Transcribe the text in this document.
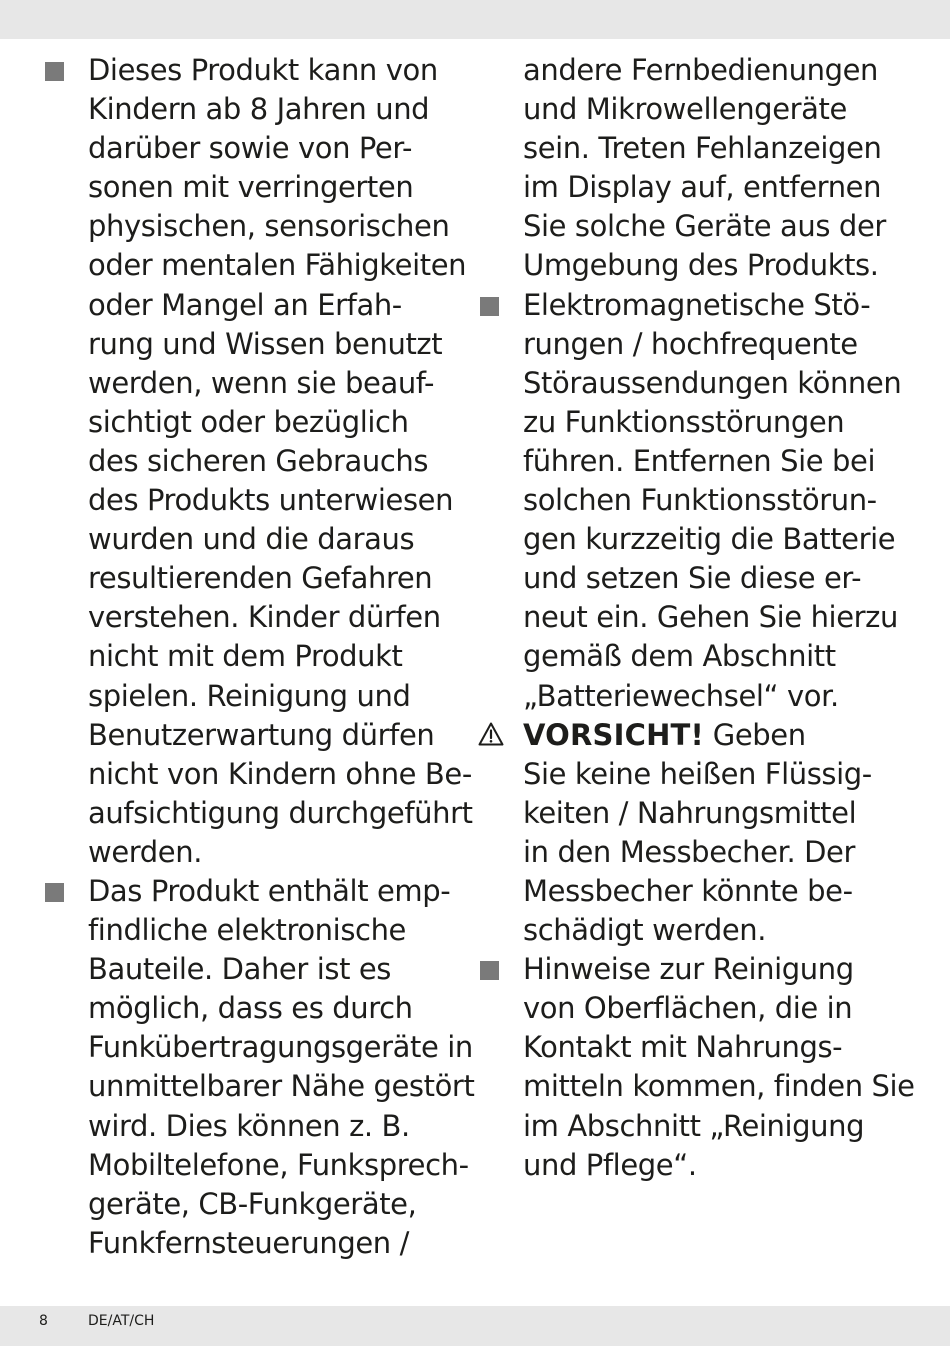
Dieses Produkt kann von
Kindern ab 8 Jahren und
darüber sowie von Per-
sonen mit verringerten
physischen, sensorischen
oder mentalen Fähigkeiten
oder Mangel an Erfah-
rung und Wissen benutzt
werden, wenn sie beauf-
sichtigt oder bezüglich
des sicheren Gebrauchs
des Produkts unterwiesen
wurden und die daraus
resultierenden Gefahren
verstehen. Kinder dürfen
nicht mit dem Produkt
spielen. Reinigung und
Benutzerwartung dürfen
nicht von Kindern ohne Be-
aufsichtigung durchgeführt
werden.
Das Produkt enthält emp-
findliche elektronische
Bauteile. Daher ist es
möglich, dass es durch
Funkübertragungsgeräte in
unmittelbarer Nähe gestört
wird. Dies können z. B.
Mobiltelefone, Funksprech-
geräte, CB-Funkgeräte,
Funkfernsteuerungen /
andere Fernbedienungen
und Mikrowellengeräte
sein. Treten Fehlanzeigen
im Display auf, entfernen
Sie solche Geräte aus der
Umgebung des Produkts.
Elektromagnetische Stö-
rungen / hochfrequente
Störaussendungen können
zu Funktionsstörungen
führen. Entfernen Sie bei
solchen Funktionsstörun-
gen kurzzeitig die Batterie
und setzen Sie diese er-
neut ein. Gehen Sie hierzu
gemäß dem Abschnitt
„Batteriewechsel“ vor.
VORSICHT! Geben
Sie keine heißen Flüssig-
keiten / Nahrungsmittel
in den Messbecher. Der
Messbecher könnte be-
schädigt werden.
Hinweise zur Reinigung
von Oberflächen, die in
Kontakt mit Nahrungs-
mitteln kommen, finden Sie
im Abschnitt „Reinigung
und Pflege“.
8	DE/AT/CH
